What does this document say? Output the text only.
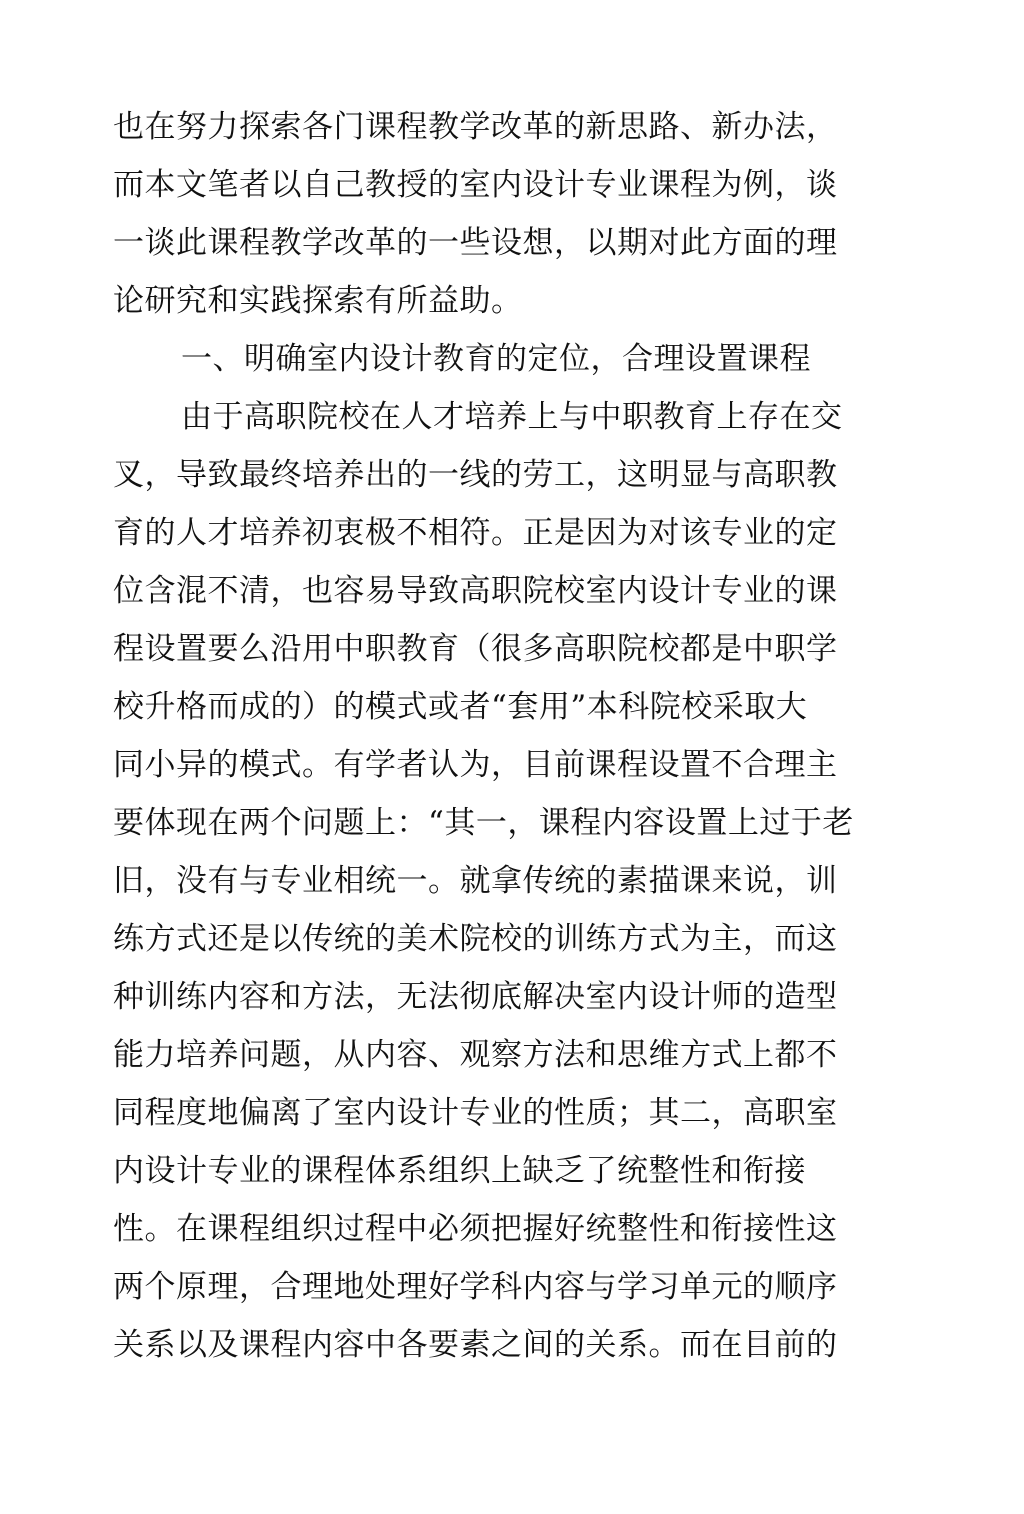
也在努力探索各门课程教学改革的新思路、新办法，
而本文笔者以自己教授的室内设计专业课程为例，谈
一谈此课程教学改革的一些设想，以期对此方面的理
论研究和实践探索有所益助。
一、明确室内设计教育的定位，合理设置课程
由于高职院校在人才培养上与中职教育上存在交
叉，导致最终培养出的一线的劳工，这明显与高职教
育的人才培养初衷极不相符。正是因为对该专业的定
位含混不清，也容易导致高职院校室内设计专业的课
程设置要么沿用中职教育（很多高职院校都是中职学
校升格而成的）的模式或者“套用”本科院校采取大
同小异的模式。有学者认为，目前课程设置不合理主
要体现在两个问题上：“其一，课程内容设置上过于老
旧，没有与专业相统一。就拿传统的素描课来说，训
练方式还是以传统的美术院校的训练方式为主，而这
种训练内容和方法，无法彻底解决室内设计师的造型
能力培养问题，从内容、观察方法和思维方式上都不
同程度地偏离了室内设计专业的性质；其二，高职室
内设计专业的课程体系组织上缺乏了统整性和衔接
性。在课程组织过程中必须把握好统整性和衔接性这
两个原理，合理地处理好学科内容与学习单元的顺序
关系以及课程内容中各要素之间的关系。而在目前的
